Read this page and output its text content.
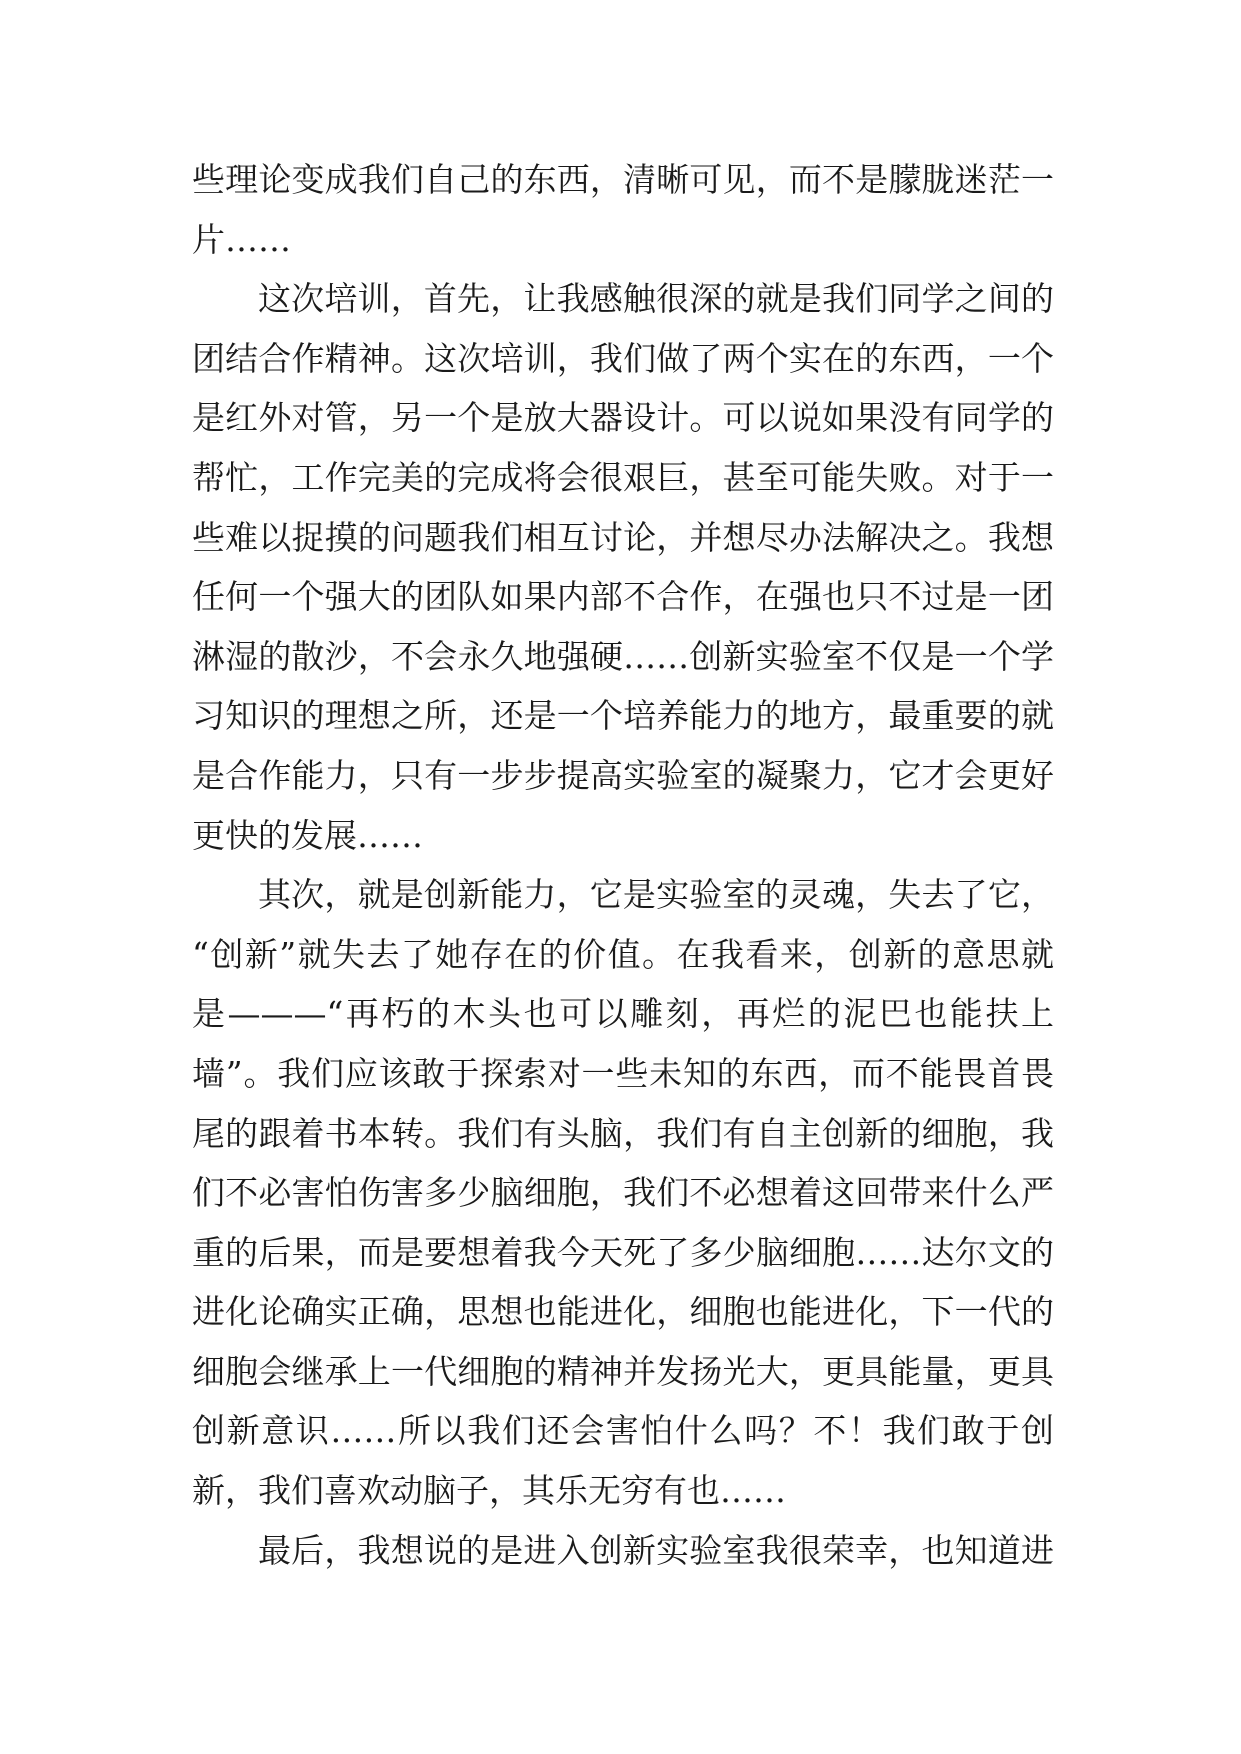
些理论变成我们自己的东西，清晰可见，而不是朦胧迷茫一
片……
这次培训，首先，让我感触很深的就是我们同学之间的
团结合作精神。这次培训，我们做了两个实在的东西，一个
是红外对管，另一个是放大器设计。可以说如果没有同学的
帮忙，工作完美的完成将会很艰巨，甚至可能失败。对于一
些难以捉摸的问题我们相互讨论，并想尽办法解决之。我想
任何一个强大的团队如果内部不合作，在强也只不过是一团
淋湿的散沙，不会永久地强硬……创新实验室不仅是一个学
习知识的理想之所，还是一个培养能力的地方，最重要的就
是合作能力，只有一步步提高实验室的凝聚力，它才会更好
更快的发展……
其次，就是创新能力，它是实验室的灵魂，失去了它，
“创新”就失去了她存在的价值。在我看来，创新的意思就
是———“再朽的木头也可以雕刻，再烂的泥巴也能扶上
墙”。我们应该敢于探索对一些未知的东西，而不能畏首畏
尾的跟着书本转。我们有头脑，我们有自主创新的细胞，我
们不必害怕伤害多少脑细胞，我们不必想着这回带来什么严
重的后果，而是要想着我今天死了多少脑细胞……达尔文的
进化论确实正确，思想也能进化，细胞也能进化，下一代的
细胞会继承上一代细胞的精神并发扬光大，更具能量，更具
创新意识……所以我们还会害怕什么吗？不！我们敢于创
新，我们喜欢动脑子，其乐无穷有也……
最后，我想说的是进入创新实验室我很荣幸，也知道进
